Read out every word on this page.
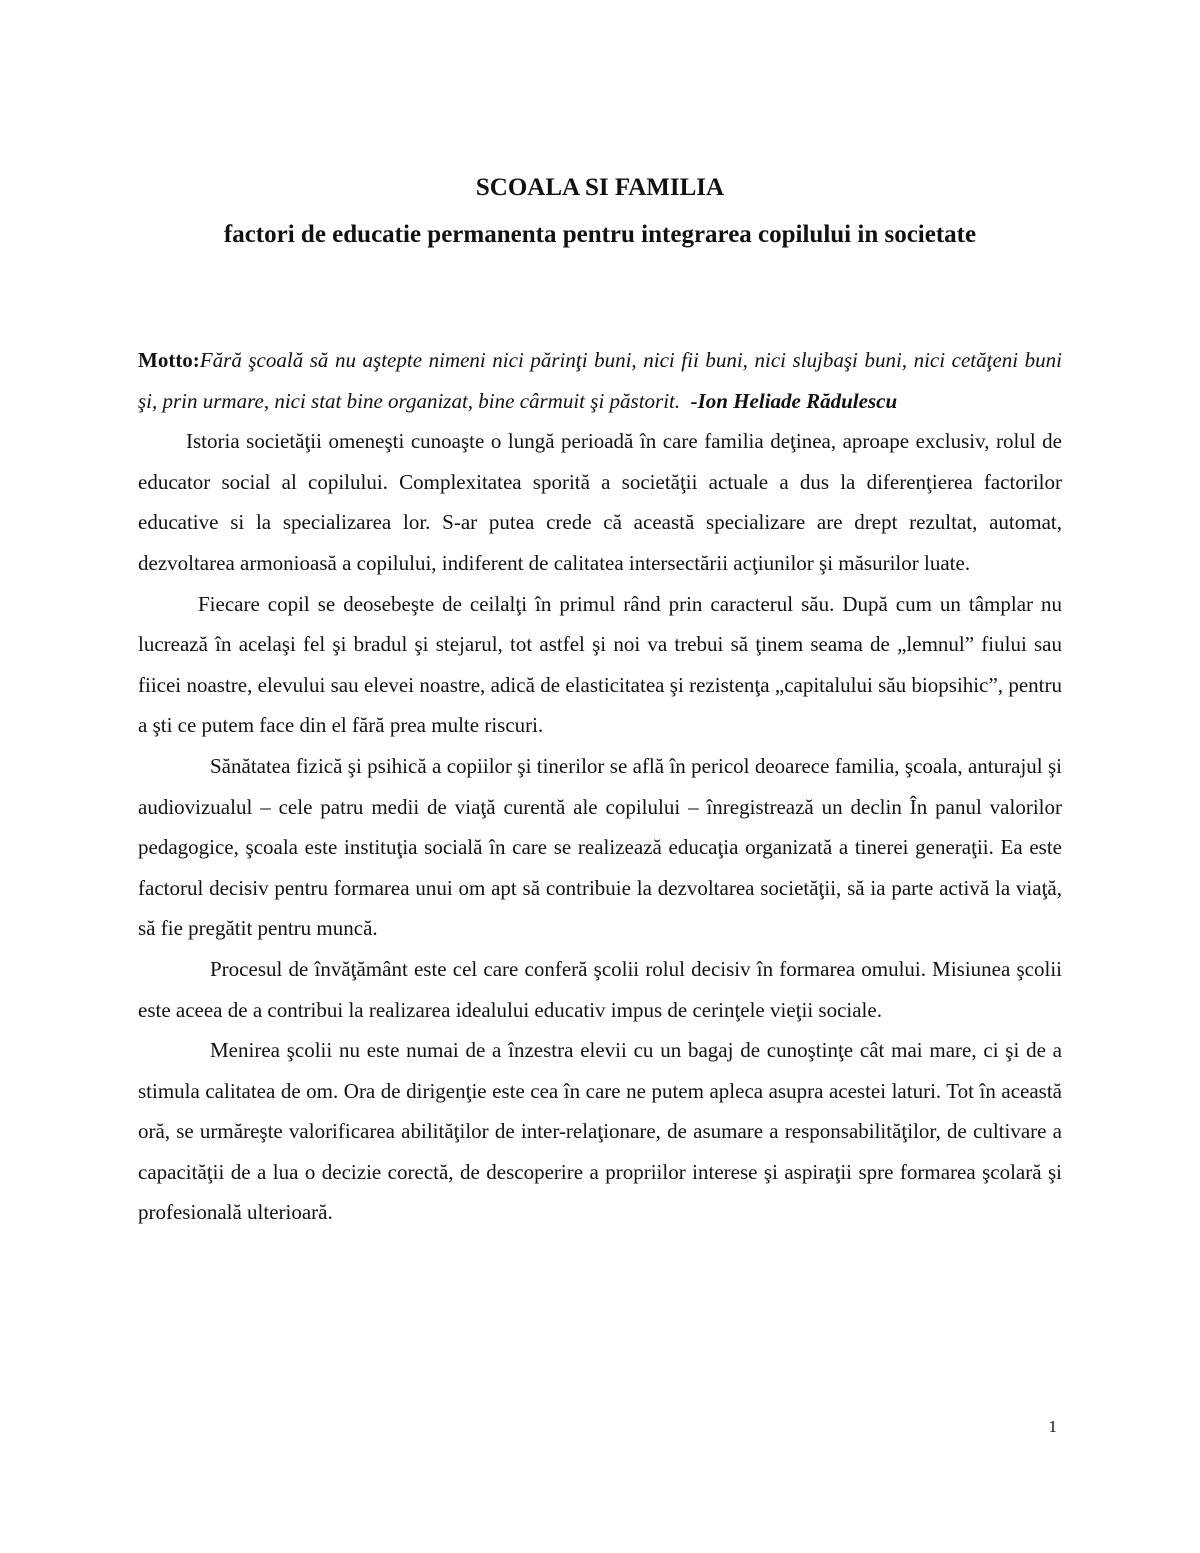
SCOALA SI FAMILIA
factori de educatie permanenta pentru integrarea copilului in societate

Motto:Fără şcoală să nu aştepte nimeni nici părinţi buni, nici fii buni, nici slujbaşi buni, nici cetăţeni buni şi, prin urmare, nici stat bine organizat, bine cârmuit şi păstorit. -Ion Heliade Rădulescu

Istoria societăţii omeneşti cunoaşte o lungă perioadă în care familia deţinea, aproape exclusiv, rolul de educator social al copilului. Complexitatea sporită a societăţii actuale a dus la diferenţierea factorilor educative si la specializarea lor. S-ar putea crede că această specializare are drept rezultat, automat, dezvoltarea armonioasă a copilului, indiferent de calitatea intersectării acţiunilor şi măsurilor luate.

Fiecare copil se deosebeşte de ceilalţi în primul rând prin caracterul său. După cum un tâmplar nu lucrează în acelaşi fel şi bradul şi stejarul, tot astfel şi noi va trebui să ţinem seama de „lemnul” fiului sau fiicei noastre, elevului sau elevei noastre, adică de elasticitatea şi rezistenţa „capitalului său biopsihic”, pentru a şti ce putem face din el fără prea multe riscuri.

Sănătatea fizică şi psihică a copiilor şi tinerilor se află în pericol deoarece familia, şcoala, anturajul şi audiovizualul – cele patru medii de viaţă curentă ale copilului – înregistrează un declin În panul valorilor pedagogice, şcoala este instituţia socială în care se realizează educaţia organizată a tinerei generaţii. Ea este factorul decisiv pentru formarea unui om apt să contribuie la dezvoltarea societăţii, să ia parte activă la viaţă, să fie pregătit pentru muncă.

Procesul de învăţământ este cel care conferă şcolii rolul decisiv în formarea omului. Misiunea şcolii este aceea de a contribui la realizarea idealului educativ impus de cerinţele vieţii sociale.

Menirea şcolii nu este numai de a înzestra elevii cu un bagaj de cunoştinţe cât mai mare, ci şi de a stimula calitatea de om. Ora de dirigenţie este cea în care ne putem apleca asupra acestei laturi. Tot în această oră, se urmăreşte valorificarea abilităţilor de inter-relaţionare, de asumare a responsabilităţilor, de cultivare a capacităţii de a lua o decizie corectă, de descoperire a propriilor interese şi aspiraţii spre formarea şcolară şi profesională ulterioară.

1
